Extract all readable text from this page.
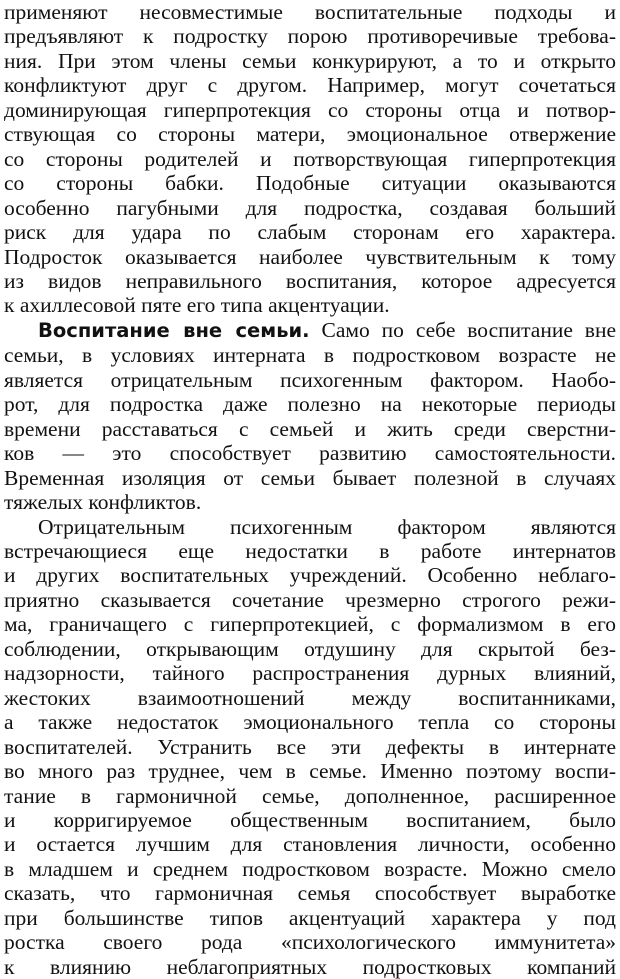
применяют несовместимые воспитательные подходы и
предъявляют к подростку порою противоречивые требова-
ния. При этом члены семьи конкурируют, а то и открыто
конфликтуют друг с другом. Например, могут сочетаться
доминирующая гиперпротекция со стороны отца и потвор-
ствующая со стороны матери, эмоциональное отвержение
со стороны родителей и потворствующая гиперпротекция
со стороны бабки. Подобные ситуации оказываются
особенно пагубными для подростка, создавая больший
риск для удара по слабым сторонам его характера.
Подросток оказывается наиболее чувствительным к тому
из видов неправильного воспитания, которое адресуется
к ахиллесовой пяте его типа акцентуации.
Воспитание вне семьи. Само по себе воспитание вне
семьи, в условиях интерната в подростковом возрасте не
является отрицательным психогенным фактором. Наобо-
рот, для подростка даже полезно на некоторые периоды
времени расставаться с семьей и жить среди сверстни-
ков — это способствует развитию самостоятельности.
Временная изоляция от семьи бывает полезной в случаях
тяжелых конфликтов.
Отрицательным психогенным фактором являются
встречающиеся еще недостатки в работе интернатов
и других воспитательных учреждений. Особенно неблаго-
приятно сказывается сочетание чрезмерно строгого режи-
ма, граничащего с гиперпротекцией, с формализмом в его
соблюдении, открывающим отдушину для скрытой без-
надзорности, тайного распространения дурных влияний,
жестоких взаимоотношений между воспитанниками,
а также недостаток эмоционального тепла со стороны
воспитателей. Устранить все эти дефекты в интернате
во много раз труднее, чем в семье. Именно поэтому воспи-
тание в гармоничной семье, дополненное, расширенное
и корригируемое общественным воспитанием, было
и остается лучшим для становления личности, особенно
в младшем и среднем подростковом возрасте. Можно смело
сказать, что гармоничная семья способствует выработке
при большинстве типов акцентуаций характера у под
ростка своего рода «психологического иммунитета»
к влиянию неблагоприятных подростковых компаний
